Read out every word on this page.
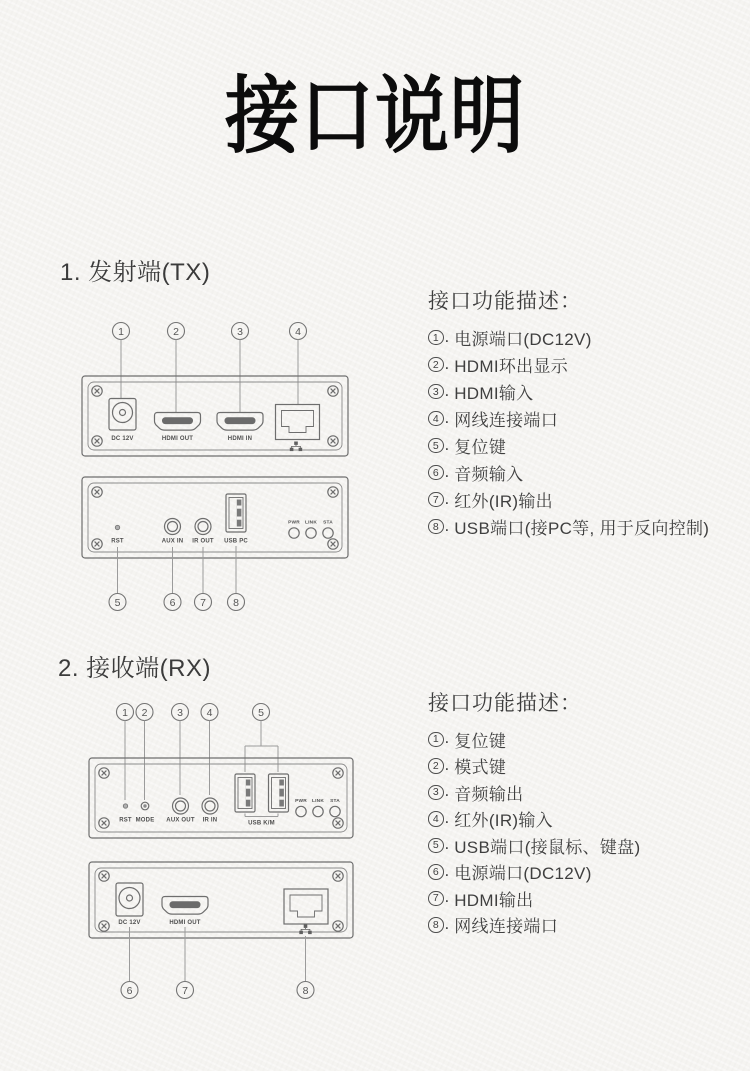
接口说明
1. 发射端(TX)
1	2	3	4
DC 12V	HDMI OUT	HDMI IN
RST	AUX IN IR OUT USB PC
PWR LINK STA
5	6 7	8
接口功能描述：
1 . 电源端口(DC12V)
2 . HDMI环出显示
3 . HDMI输入
4 . 网线连接端口
5 . 复位键
6 . 音频输入
7 . 红外(IR)输出
8 . USB端口(接PC等, 用于反向控制)
2. 接收端(RX)
1 2	3 4	5
RST MODE AUX OUT IR IN	USB K/M
PWR LINK STA
DC 12V	HDMI OUT
6	7	8
接口功能描述：
1 . 复位键
2 . 模式键
3 . 音频输出
4 . 红外(IR)输入
5 . USB端口(接鼠标、键盘)
6 . 电源端口(DC12V)
7 . HDMI输出
8 . 网线连接端口
